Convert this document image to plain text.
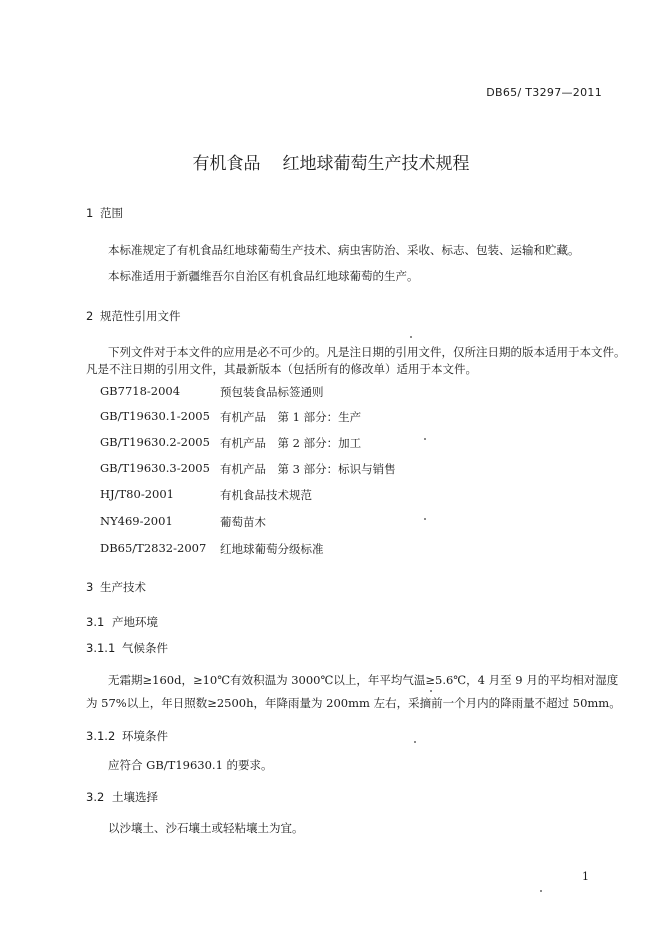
DB65/ T3297—2011
有机食品 红地球葡萄生产技术规程
1 范围
本标准规定了有机食品红地球葡萄生产技术、病虫害防治、采收、标志、包装、运输和贮藏。
本标准适用于新疆维吾尔自治区有机食品红地球葡萄的生产。
2 规范性引用文件
下列文件对于本文件的应用是必不可少的。凡是注日期的引用文件，仅所注日期的版本适用于本文件。凡是不注日期的引用文件，其最新版本（包括所有的修改单）适用于本文件。
GB7718-2004	预包装食品标签通则
GB/T19630.1-2005 有机产品　第 1 部分：生产
GB/T19630.2-2005 有机产品　第 2 部分：加工
GB/T19630.3-2005 有机产品　第 3 部分：标识与销售
HJ/T80-2001	有机食品技术规范
NY469-2001	葡萄苗木
DB65/T2832-2007 红地球葡萄分级标准
3 生产技术
3.1 产地环境
3.1.1 气候条件
无霜期≥160d，≥10℃有效积温为 3000℃以上，年平均气温≥5.6℃，4 月至 9 月的平均相对湿度为 57%以上，年日照数≥2500h，年降雨量为 200mm 左右，采摘前一个月内的降雨量不超过 50mm。
3.1.2 环境条件
应符合 GB/T19630.1 的要求。
3.2 土壤选择
以沙壤土、沙石壤土或轻粘壤土为宜。
1
